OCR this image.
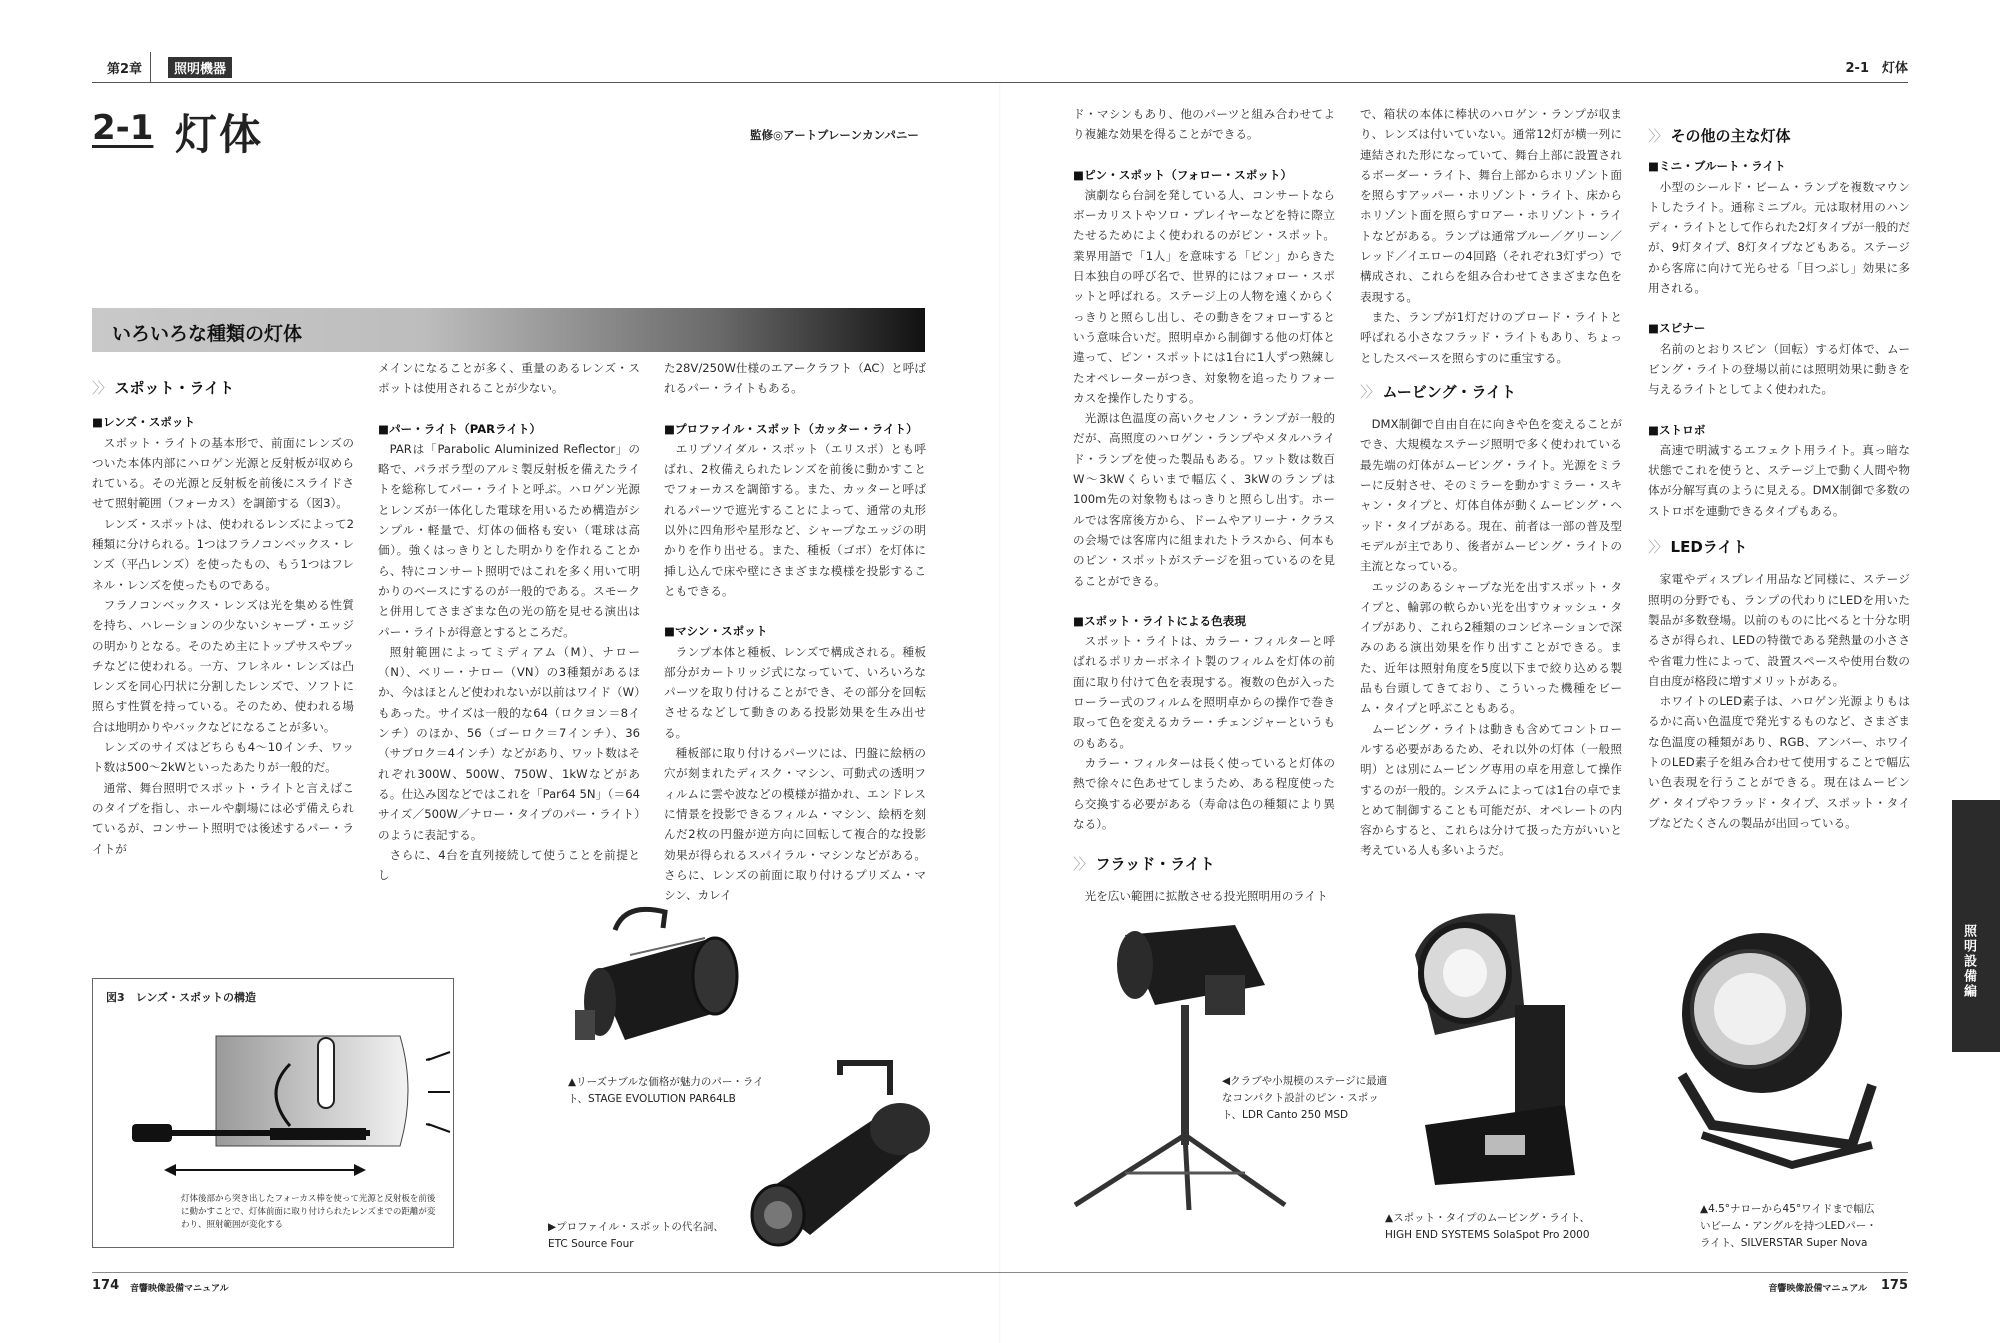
第2章	照明機器	2-1　灯体
2-1 灯体	監修◎アートブレーンカンパニー
いろいろな種類の灯体

〉〉 スポット・ライト

■レンズ・スポット

スポット・ライトの基本形で、前面にレンズのついた本体内部にハロゲン光源と反射板が収められている。その光源と反射板を前後にスライドさせて照射範囲（フォーカス）を調節する（図3）。

レンズ・スポットは、使われるレンズによって2種類に分けられる。1つはフラノコンベックス・レンズ（平凸レンズ）を使ったもの、もう1つはフレネル・レンズを使ったものである。

フラノコンベックス・レンズは光を集める性質を持ち、ハレーションの少ないシャープ・エッジの明かりとなる。そのため主にトップサスやブッチなどに使われる。一方、フレネル・レンズは凸レンズを同心円状に分割したレンズで、ソフトに照らす性質を持っている。そのため、使われる場合は地明かりやバックなどになることが多い。

レンズのサイズはどちらも4～10インチ、ワット数は500～2kWといったあたりが一般的だ。

通常、舞台照明でスポット・ライトと言えばこのタイプを指し、ホールや劇場には必ず備えられているが、コンサート照明では後述するパー・ライトが

メインになることが多く、重量のあるレンズ・スポットは使用されることが少ない。

■パー・ライト（PARライト）

PARは「Parabolic Aluminized Reflector」の略で、パラボラ型のアルミ製反射板を備えたライトを総称してパー・ライトと呼ぶ。ハロゲン光源とレンズが一体化した電球を用いるため構造がシンプル・軽量で、灯体の価格も安い（電球は高価）。強くはっきりとした明かりを作れることから、特にコンサート照明ではこれを多く用いて明かりのベースにするのが一般的である。スモークと併用してさまざまな色の光の筋を見せる演出はパー・ライトが得意とするところだ。

照射範囲によってミディアム（M）、ナロー（N）、ベリー・ナロー（VN）の3種類があるほか、今はほとんど使われないが以前はワイド（W）もあった。サイズは一般的な64（ロクヨン＝8インチ）のほか、56（ゴーロク＝7インチ）、36（サブロク＝4インチ）などがあり、ワット数はそれぞれ300W、500W、750W、1kWなどがある。仕込み図などではこれを「Par64 5N」（＝64サイズ／500W／ナロー・タイプのパー・ライト）のように表記する。

さらに、4台を直列接続して使うことを前提とし

た28V/250W仕様のエアークラフト（AC）と呼ばれるパー・ライトもある。

■プロファイル・スポット（カッター・ライト）

エリプソイダル・スポット（エリスポ）とも呼ばれ、2枚備えられたレンズを前後に動かすことでフォーカスを調節する。また、カッターと呼ばれるパーツで遮光することによって、通常の丸形以外に四角形や星形など、シャープなエッジの明かりを作り出せる。また、種板（ゴボ）を灯体に挿し込んで床や壁にさまざまな模様を投影することもできる。

■マシン・スポット

ランプ本体と種板、レンズで構成される。種板部分がカートリッジ式になっていて、いろいろなパーツを取り付けることができ、その部分を回転させるなどして動きのある投影効果を生み出せる。

種板部に取り付けるパーツには、円盤に絵柄の穴が刻まれたディスク・マシン、可動式の透明フィルムに雲や波などの模様が描かれ、エンドレスに情景を投影できるフィルム・マシン、絵柄を刻んだ2枚の円盤が逆方向に回転して複合的な投影効果が得られるスパイラル・マシンなどがある。さらに、レンズの前面に取り付けるプリズム・マシン、カレイ

ド・マシンもあり、他のパーツと組み合わせてより複雑な効果を得ることができる。

■ピン・スポット（フォロー・スポット）

演劇なら台詞を発している人、コンサートならボーカリストやソロ・プレイヤーなどを特に際立たせるためによく使われるのがピン・スポット。業界用語で「1人」を意味する「ピン」からきた日本独自の呼び名で、世界的にはフォロー・スポットと呼ばれる。ステージ上の人物を遠くからくっきりと照らし出し、その動きをフォローするという意味合いだ。照明卓から制御する他の灯体と違って、ピン・スポットには1台に1人ずつ熟練したオペレーターがつき、対象物を追ったりフォーカスを操作したりする。

光源は色温度の高いクセノン・ランプが一般的だが、高照度のハロゲン・ランプやメタルハライド・ランプを使った製品もある。ワット数は数百W～3kWくらいまで幅広く、3kWのランプは100m先の対象物もはっきりと照らし出す。ホールでは客席後方から、ドームやアリーナ・クラスの会場では客席内に組まれたトラスから、何本ものピン・スポットがステージを狙っているのを見ることができる。

■スポット・ライトによる色表現

スポット・ライトは、カラー・フィルターと呼ばれるポリカーボネイト製のフィルムを灯体の前面に取り付けて色を表現する。複数の色が入ったローラー式のフィルムを照明卓からの操作で巻き取って色を変えるカラー・チェンジャーというものもある。

カラー・フィルターは長く使っていると灯体の熱で徐々に色あせてしまうため、ある程度使ったら交換する必要がある（寿命は色の種類により異なる）。

〉〉 フラッド・ライト

光を広い範囲に拡散させる投光照明用のライト

で、箱状の本体に棒状のハロゲン・ランプが収まり、レンズは付いていない。通常12灯が横一列に連結された形になっていて、舞台上部に設置されるボーダー・ライト、舞台上部からホリゾント面を照らすアッパー・ホリゾント・ライト、床からホリゾント面を照らすロアー・ホリゾント・ライトなどがある。ランプは通常ブルー／グリーン／レッド／イエローの4回路（それぞれ3灯ずつ）で構成され、これらを組み合わせてさまざまな色を表現する。

また、ランプが1灯だけのブロード・ライトと呼ばれる小さなフラッド・ライトもあり、ちょっとしたスペースを照らすのに重宝する。

〉〉 ムービング・ライト

DMX制御で自由自在に向きや色を変えることができ、大規模なステージ照明で多く使われている最先端の灯体がムービング・ライト。光源をミラーに反射させ、そのミラーを動かすミラー・スキャン・タイプと、灯体自体が動くムービング・ヘッド・タイプがある。現在、前者は一部の普及型モデルが主であり、後者がムービング・ライトの主流となっている。

エッジのあるシャープな光を出すスポット・タイプと、輪郭の軟らかい光を出すウォッシュ・タイプがあり、これら2種類のコンビネーションで深みのある演出効果を作り出すことができる。また、近年は照射角度を5度以下まで絞り込める製品も台頭してきており、こういった機種をビーム・タイプと呼ぶこともある。

ムービング・ライトは動きも含めてコントロールする必要があるため、それ以外の灯体（一般照明）とは別にムービング専用の卓を用意して操作するのが一般的。システムによっては1台の卓でまとめて制御することも可能だが、オペレートの内容からすると、これらは分けて扱った方がいいと考えている人も多いようだ。

〉〉 その他の主な灯体

■ミニ・ブルート・ライト

小型のシールド・ビーム・ランプを複数マウントしたライト。通称ミニブル。元は取材用のハンディ・ライトとして作られた2灯タイプが一般的だが、9灯タイプ、8灯タイプなどもある。ステージから客席に向けて光らせる「目つぶし」効果に多用される。

■スピナー

名前のとおりスピン（回転）する灯体で、ムービング・ライトの登場以前には照明効果に動きを与えるライトとしてよく使われた。

■ストロボ

高速で明滅するエフェクト用ライト。真っ暗な状態でこれを使うと、ステージ上で動く人間や物体が分解写真のように見える。DMX制御で多数のストロボを連動できるタイプもある。

〉〉 LEDライト

家電やディスプレイ用品など同様に、ステージ照明の分野でも、ランプの代わりにLEDを用いた製品が多数登場。以前のものに比べると十分な明るさが得られ、LEDの特徴である発熱量の小ささや省電力性によって、設置スペースや使用台数の自由度が格段に増すメリットがある。

ホワイトのLED素子は、ハロゲン光源よりもはるかに高い色温度で発光するものなど、さまざまな色温度の種類があり、RGB、アンバー、ホワイトのLED素子を組み合わせて使用することで幅広い色表現を行うことができる。現在はムービング・タイプやフラッド・タイプ、スポット・タイプなどたくさんの製品が出回っている。

図3　レンズ・スポットの構造
灯体後部から突き出したフォーカス棒を使って光源と反射板を前後に動かすことで、灯体前面に取り付けられたレンズまでの距離が変わり、照射範囲が変化する
▲リーズナブルな価格が魅力のパー・ライト、STAGE EVOLUTION PAR64LB
▶プロファイル・スポットの代名詞、ETC Source Four
◀クラブや小規模のステージに最適なコンパクト設計のピン・スポット、LDR Canto 250 MSD
▲スポット・タイプのムービング・ライト、HIGH END SYSTEMS SolaSpot Pro 2000
▲4.5°ナローから45°ワイドまで幅広いビーム・アングルを持つLEDパー・ライト、SILVERSTAR Super Nova
174 音響映像設備マニュアル	音響映像設備マニュアル 175
照明設備編
